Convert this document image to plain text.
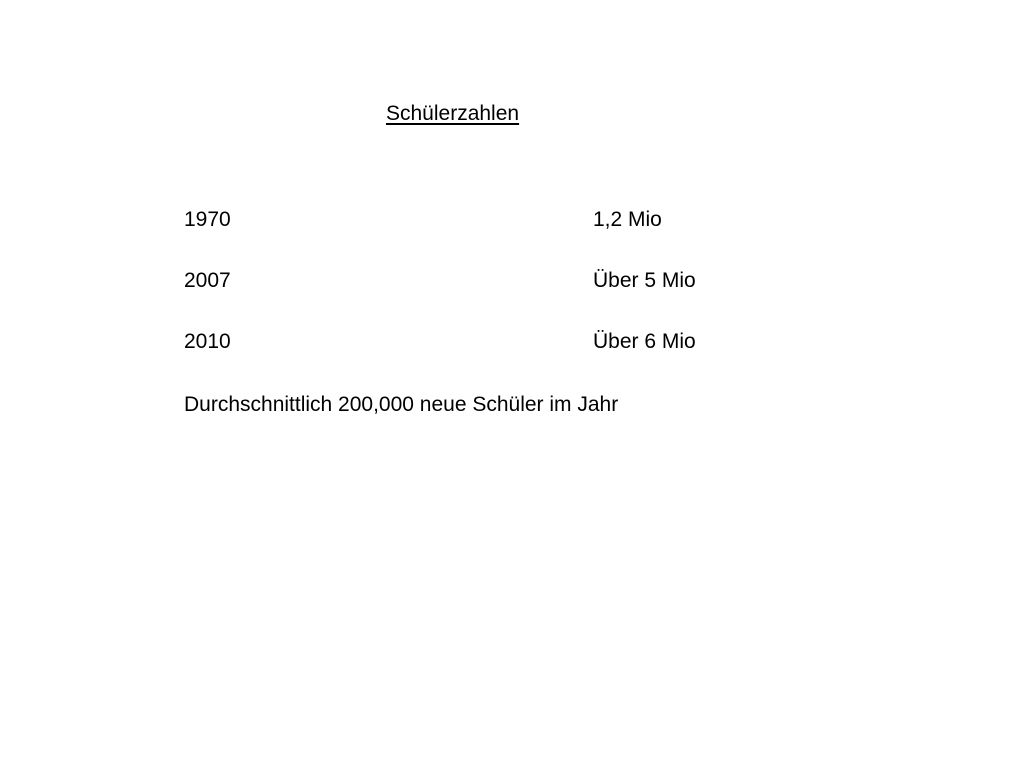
Schülerzahlen
1970	1,2 Mio
2007	Über 5 Mio
2010	Über 6 Mio
Durchschnittlich 200,000 neue Schüler im Jahr
